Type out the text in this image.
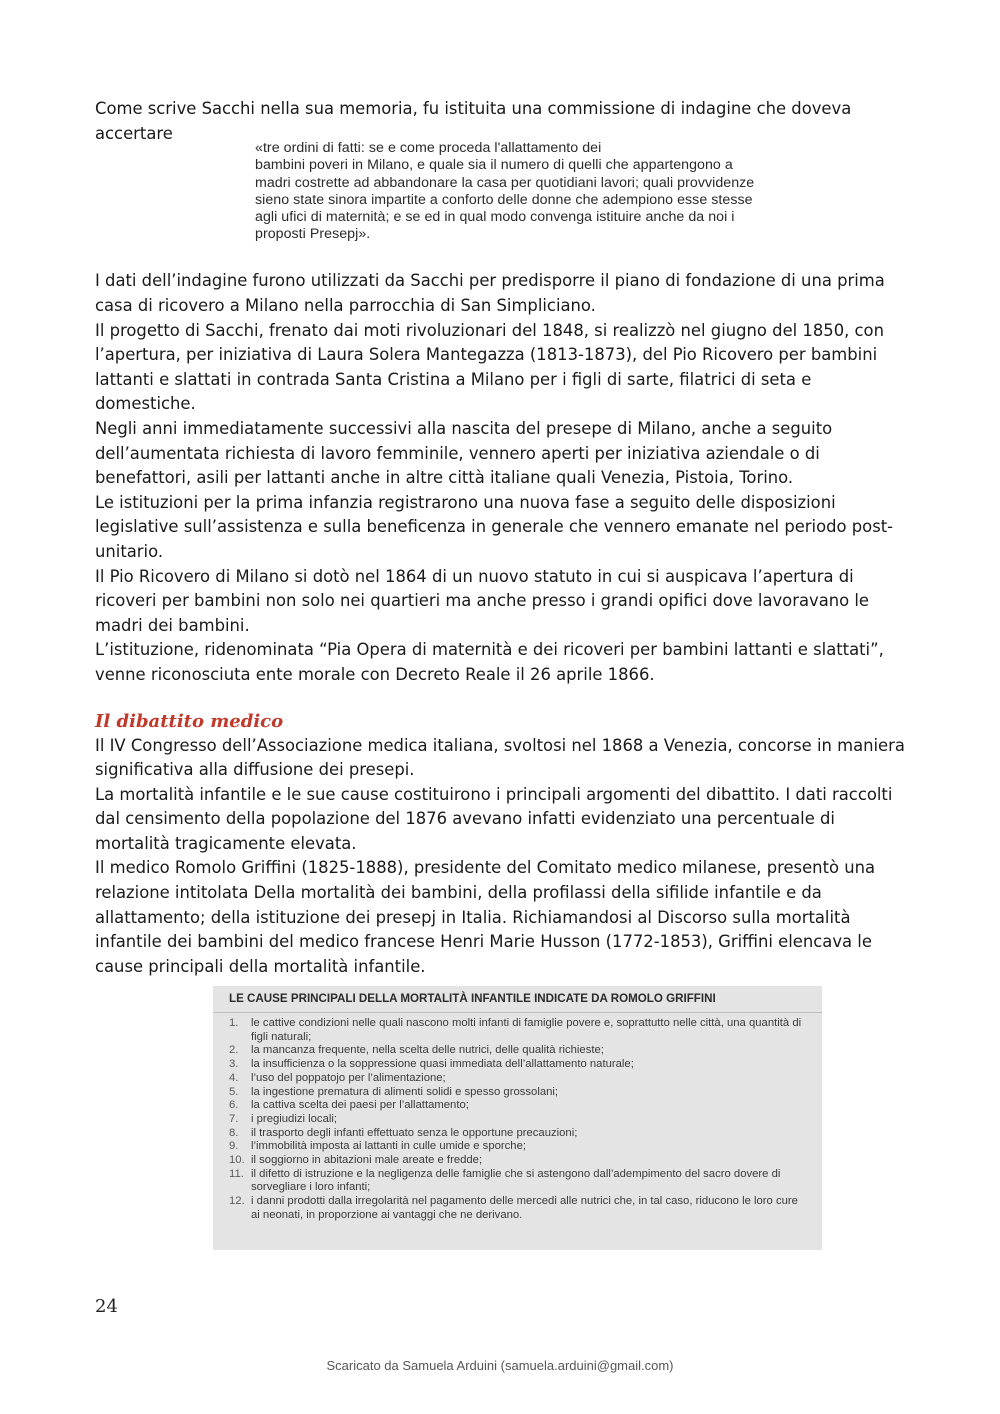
Come scrive Sacchi nella sua memoria, fu istituita una commissione di indagine che doveva accertare

«tre ordini di fatti: se e come proceda l'allattamento dei

bambini poveri in Milano, e quale sia il numero di quelli che appartengono a

madri costrette ad abbandonare la casa per quotidiani lavori; quali provvidenze

sieno state sinora impartite a conforto delle donne che adempiono esse stesse

agli ufici di maternità; e se ed in qual modo convenga istituire anche da noi i

proposti Presepj».

I dati dell’indagine furono utilizzati da Sacchi per predisporre il piano di fondazione di una prima casa di ricovero a Milano nella parrocchia di San Simpliciano.

Il progetto di Sacchi, frenato dai moti rivoluzionari del 1848, si realizzò nel giugno del 1850, con l’apertura, per iniziativa di Laura Solera Mantegazza (1813-1873), del Pio Ricovero per bambini lattanti e slattati in contrada Santa Cristina a Milano per i figli di sarte, filatrici di seta e domestiche.

Negli anni immediatamente successivi alla nascita del presepe di Milano, anche a seguito dell’aumentata richiesta di lavoro femminile, vennero aperti per iniziativa aziendale o di benefattori, asili per lattanti anche in altre città italiane quali Venezia, Pistoia, Torino.

Le istituzioni per la prima infanzia registrarono una nuova fase a seguito delle disposizioni legislative sull’assistenza e sulla beneficenza in generale che vennero emanate nel periodo post-unitario.

Il Pio Ricovero di Milano si dotò nel 1864 di un nuovo statuto in cui si auspicava l’apertura di ricoveri per bambini non solo nei quartieri ma anche presso i grandi opifici dove lavoravano le madri dei bambini.

L’istituzione, ridenominata “Pia Opera di maternità e dei ricoveri per bambini lattanti e slattati”, venne riconosciuta ente morale con Decreto Reale il 26 aprile 1866.

Il dibattito medico

Il IV Congresso dell’Associazione medica italiana, svoltosi nel 1868 a Venezia, concorse in maniera significativa alla diffusione dei presepi.

La mortalità infantile e le sue cause costituirono i principali argomenti del dibattito. I dati raccolti dal censimento della popolazione del 1876 avevano infatti evidenziato una percentuale di mortalità tragicamente elevata.

Il medico Romolo Griffini (1825-1888), presidente del Comitato medico milanese, presentò una relazione intitolata Della mortalità dei bambini, della profilassi della sifilide infantile e da allattamento; della istituzione dei presepj in Italia. Richiamandosi al Discorso sulla mortalità infantile dei bambini del medico francese Henri Marie Husson (1772-1853), Griffini elencava le cause principali della mortalità infantile.

LE CAUSE PRINCIPALI DELLA MORTALITÀ INFANTILE INDICATE DA ROMOLO GRIFFINI
1. le cattive condizioni nelle quali nascono molti infanti di famiglie povere e, soprattutto nelle città, una quantità di figli naturali;
2. la mancanza frequente, nella scelta delle nutrici, delle qualità richieste;
3. la insufficienza o la soppressione quasi immediata dell’allattamento naturale;
4. l’uso del poppatojo per l’alimentazione;
5. la ingestione prematura di alimenti solidi e spesso grossolani;
6. la cattiva scelta dei paesi per l’allattamento;
7. i pregiudizi locali;
8. il trasporto degli infanti effettuato senza le opportune precauzioni;
9. l’immobilità imposta ai lattanti in culle umide e sporche;
10. il soggiorno in abitazioni male areate e fredde;
11. il difetto di istruzione e la negligenza delle famiglie che si astengono dall’adempimento del sacro dovere di sorvegliare i loro infanti;
12. i danni prodotti dalla irregolarità nel pagamento delle mercedi alle nutrici che, in tal caso, riducono le loro cure ai neonati, in proporzione ai vantaggi che ne derivano.
24
Scaricato da Samuela Arduini (samuela.arduini@gmail.com)
